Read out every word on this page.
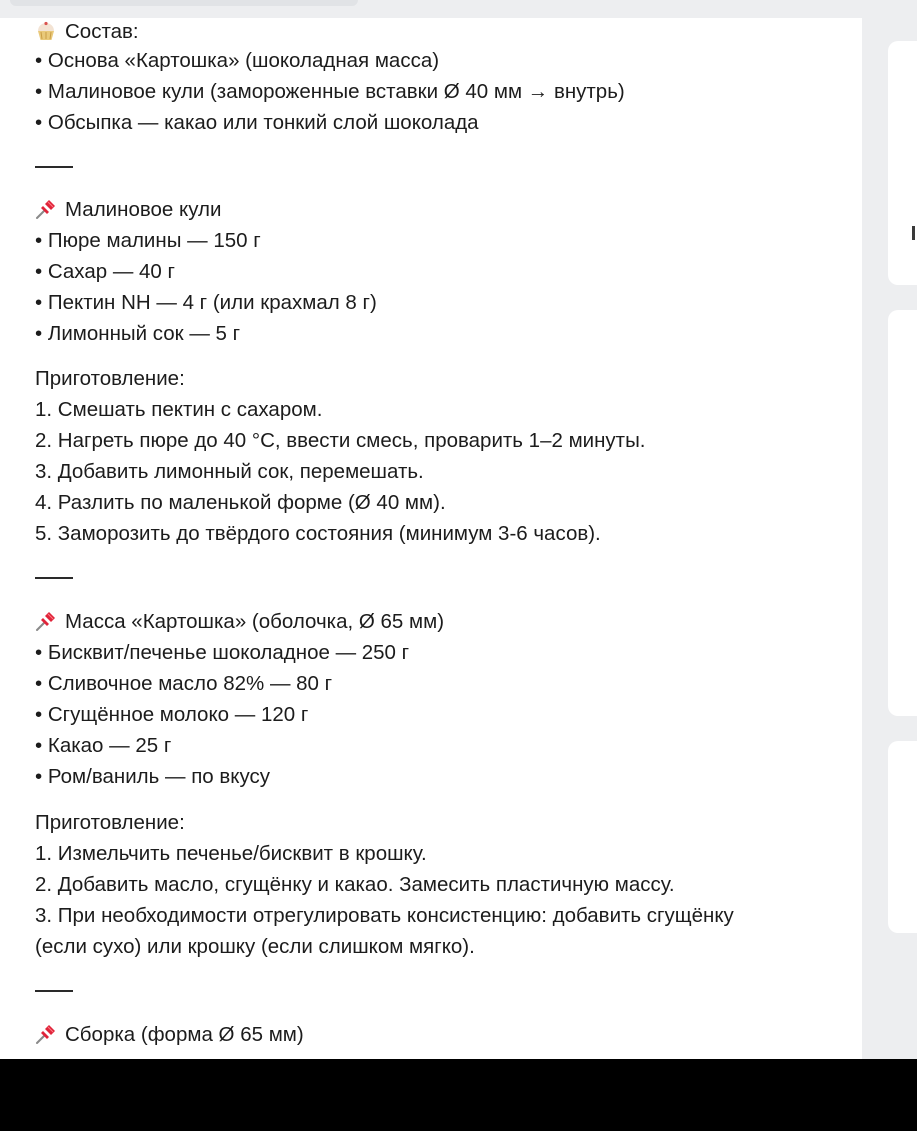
Состав:
• Основа «Картошка» (шоколадная масса)
• Малиновое кули (замороженные вставки Ø 40 мм → внутрь)
• Обсыпка — какао или тонкий слой шоколада
Малиновое кули
• Пюре малины — 150 г
• Сахар — 40 г
• Пектин NH — 4 г (или крахмал 8 г)
• Лимонный сок — 5 г
Приготовление:
1. Смешать пектин с сахаром.
2. Нагреть пюре до 40 °C, ввести смесь, проварить 1–2 минуты.
3. Добавить лимонный сок, перемешать.
4. Разлить по маленькой форме (Ø 40 мм).
5. Заморозить до твёрдого состояния (минимум 3-6 часов).
Масса «Картошка» (оболочка, Ø 65 мм)
• Бисквит/печенье шоколадное — 250 г
• Сливочное масло 82% — 80 г
• Сгущённое молоко — 120 г
• Какао — 25 г
• Ром/ваниль — по вкусу
Приготовление:
1. Измельчить печенье/бисквит в крошку.
2. Добавить масло, сгущёнку и какао. Замесить пластичную массу.
3. При необходимости отрегулировать консистенцию: добавить сгущёнку
(если сухо) или крошку (если слишком мягко).
Сборка (форма Ø 65 мм)
